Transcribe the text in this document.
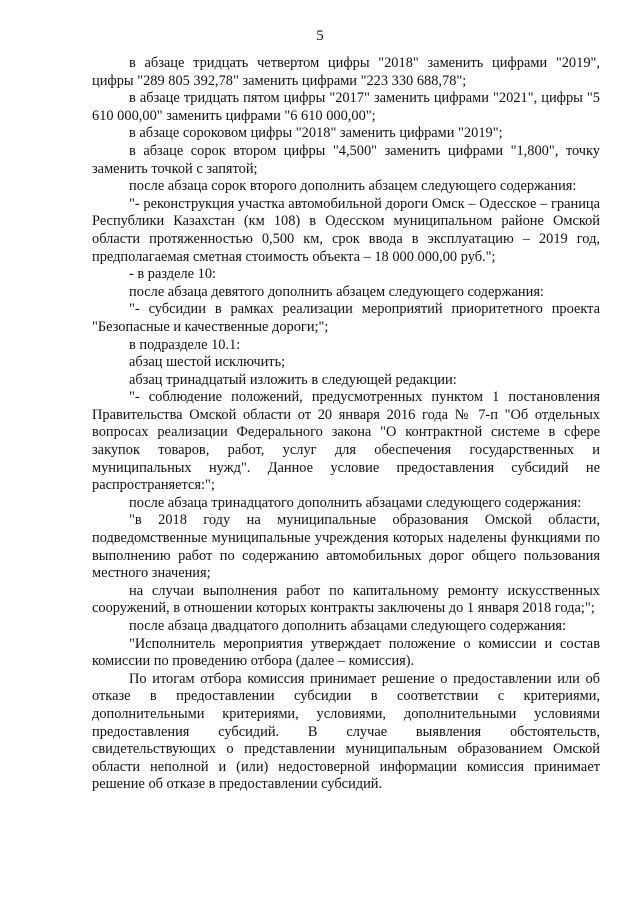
5

в абзаце тридцать четвертом цифры "2018" заменить цифрами "2019", цифры "289 805 392,78" заменить цифрами "223 330 688,78";

в абзаце тридцать пятом цифры "2017" заменить цифрами "2021", цифры "5 610 000,00" заменить цифрами "6 610 000,00";

в абзаце сороковом цифры "2018" заменить цифрами "2019";

в абзаце сорок втором цифры "4,500" заменить цифрами "1,800", точку заменить точкой с запятой;

после абзаца сорок второго дополнить абзацем следующего содержания:

"- реконструкция участка автомобильной дороги Омск – Одесское – граница Республики Казахстан (км 108) в Одесском муниципальном районе Омской области протяженностью 0,500 км, срок ввода в эксплуатацию – 2019 год, предполагаемая сметная стоимость объекта – 18 000 000,00 руб.";

- в разделе 10:

после абзаца девятого дополнить абзацем следующего содержания:

"- субсидии в рамках реализации мероприятий приоритетного проекта "Безопасные и качественные дороги;";

в подразделе 10.1:

абзац шестой исключить;

абзац тринадцатый изложить в следующей редакции:

"- соблюдение положений, предусмотренных пунктом 1 постановления Правительства Омской области от 20 января 2016 года № 7-п "Об отдельных вопросах реализации Федерального закона "О контрактной системе в сфере закупок товаров, работ, услуг для обеспечения государственных и муниципальных нужд". Данное условие предоставления субсидий не распространяется:";

после абзаца тринадцатого дополнить абзацами следующего содержания:

"в 2018 году на муниципальные образования Омской области, подведомственные муниципальные учреждения которых наделены функциями по выполнению работ по содержанию автомобильных дорог общего пользования местного значения;

на случаи выполнения работ по капитальному ремонту искусственных сооружений, в отношении которых контракты заключены до 1 января 2018 года;";

после абзаца двадцатого дополнить абзацами следующего содержания:

"Исполнитель мероприятия утверждает положение о комиссии и состав комиссии по проведению отбора (далее – комиссия).

По итогам отбора комиссия принимает решение о предоставлении или об отказе в предоставлении субсидии в соответствии с критериями, дополнительными критериями, условиями, дополнительными условиями предоставления субсидий. В случае выявления обстоятельств, свидетельствующих о представлении муниципальным образованием Омской области неполной и (или) недостоверной информации комиссия принимает решение об отказе в предоставлении субсидий.
